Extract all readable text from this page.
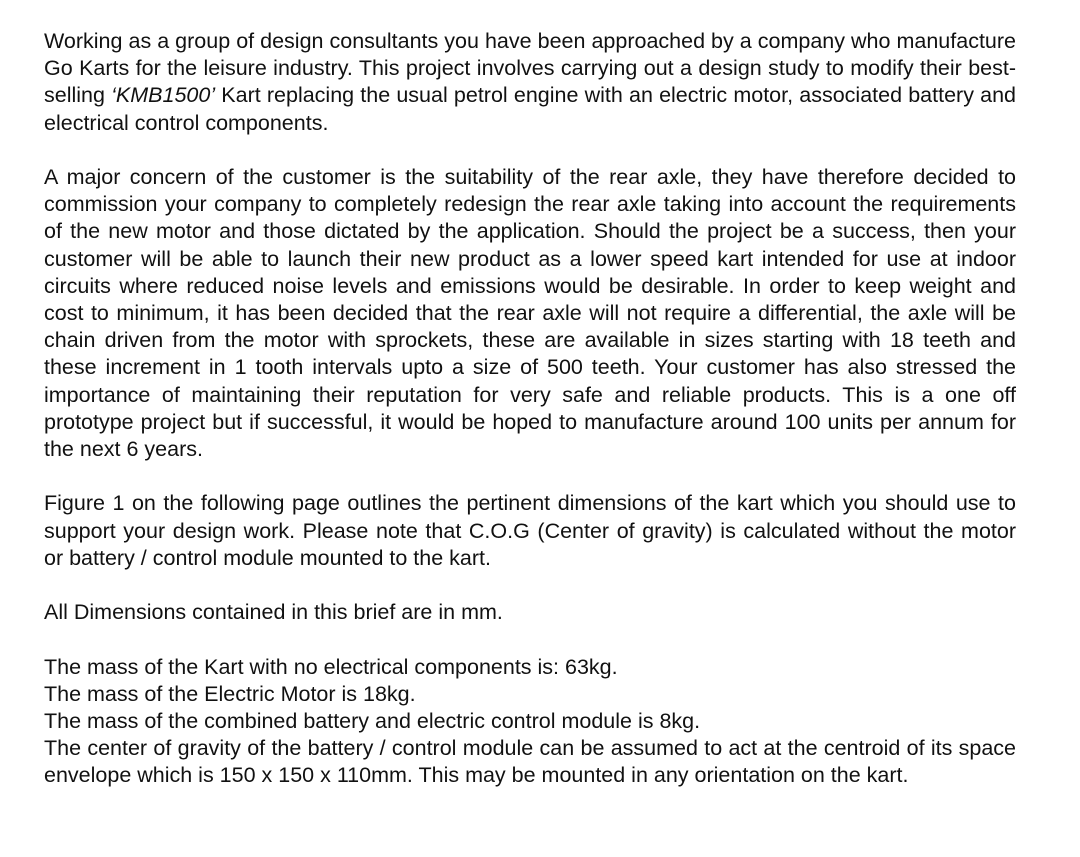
Working as a group of design consultants you have been approached by a company who manufacture Go Karts for the leisure industry. This project involves carrying out a design study to modify their best-selling ‘KMB1500’ Kart replacing the usual petrol engine with an electric motor, associated battery and electrical control components.

A major concern of the customer is the suitability of the rear axle, they have therefore decided to commission your company to completely redesign the rear axle taking into account the requirements of the new motor and those dictated by the application. Should the project be a success, then your customer will be able to launch their new product as a lower speed kart intended for use at indoor circuits where reduced noise levels and emissions would be desirable. In order to keep weight and cost to minimum, it has been decided that the rear axle will not require a differential, the axle will be chain driven from the motor with sprockets, these are available in sizes starting with 18 teeth and these increment in 1 tooth intervals upto a size of 500 teeth. Your customer has also stressed the importance of maintaining their reputation for very safe and reliable products. This is a one off prototype project but if successful, it would be hoped to manufacture around 100 units per annum for the next 6 years.

Figure 1 on the following page outlines the pertinent dimensions of the kart which you should use to support your design work. Please note that C.O.G (Center of gravity) is calculated without the motor or battery / control module mounted to the kart.

All Dimensions contained in this brief are in mm.

The mass of the Kart with no electrical components is: 63kg.
The mass of the Electric Motor is 18kg.
The mass of the combined battery and electric control module is 8kg.
The center of gravity of the battery / control module can be assumed to act at the centroid of its space envelope which is 150 x 150 x 110mm. This may be mounted in any orientation on the kart.
